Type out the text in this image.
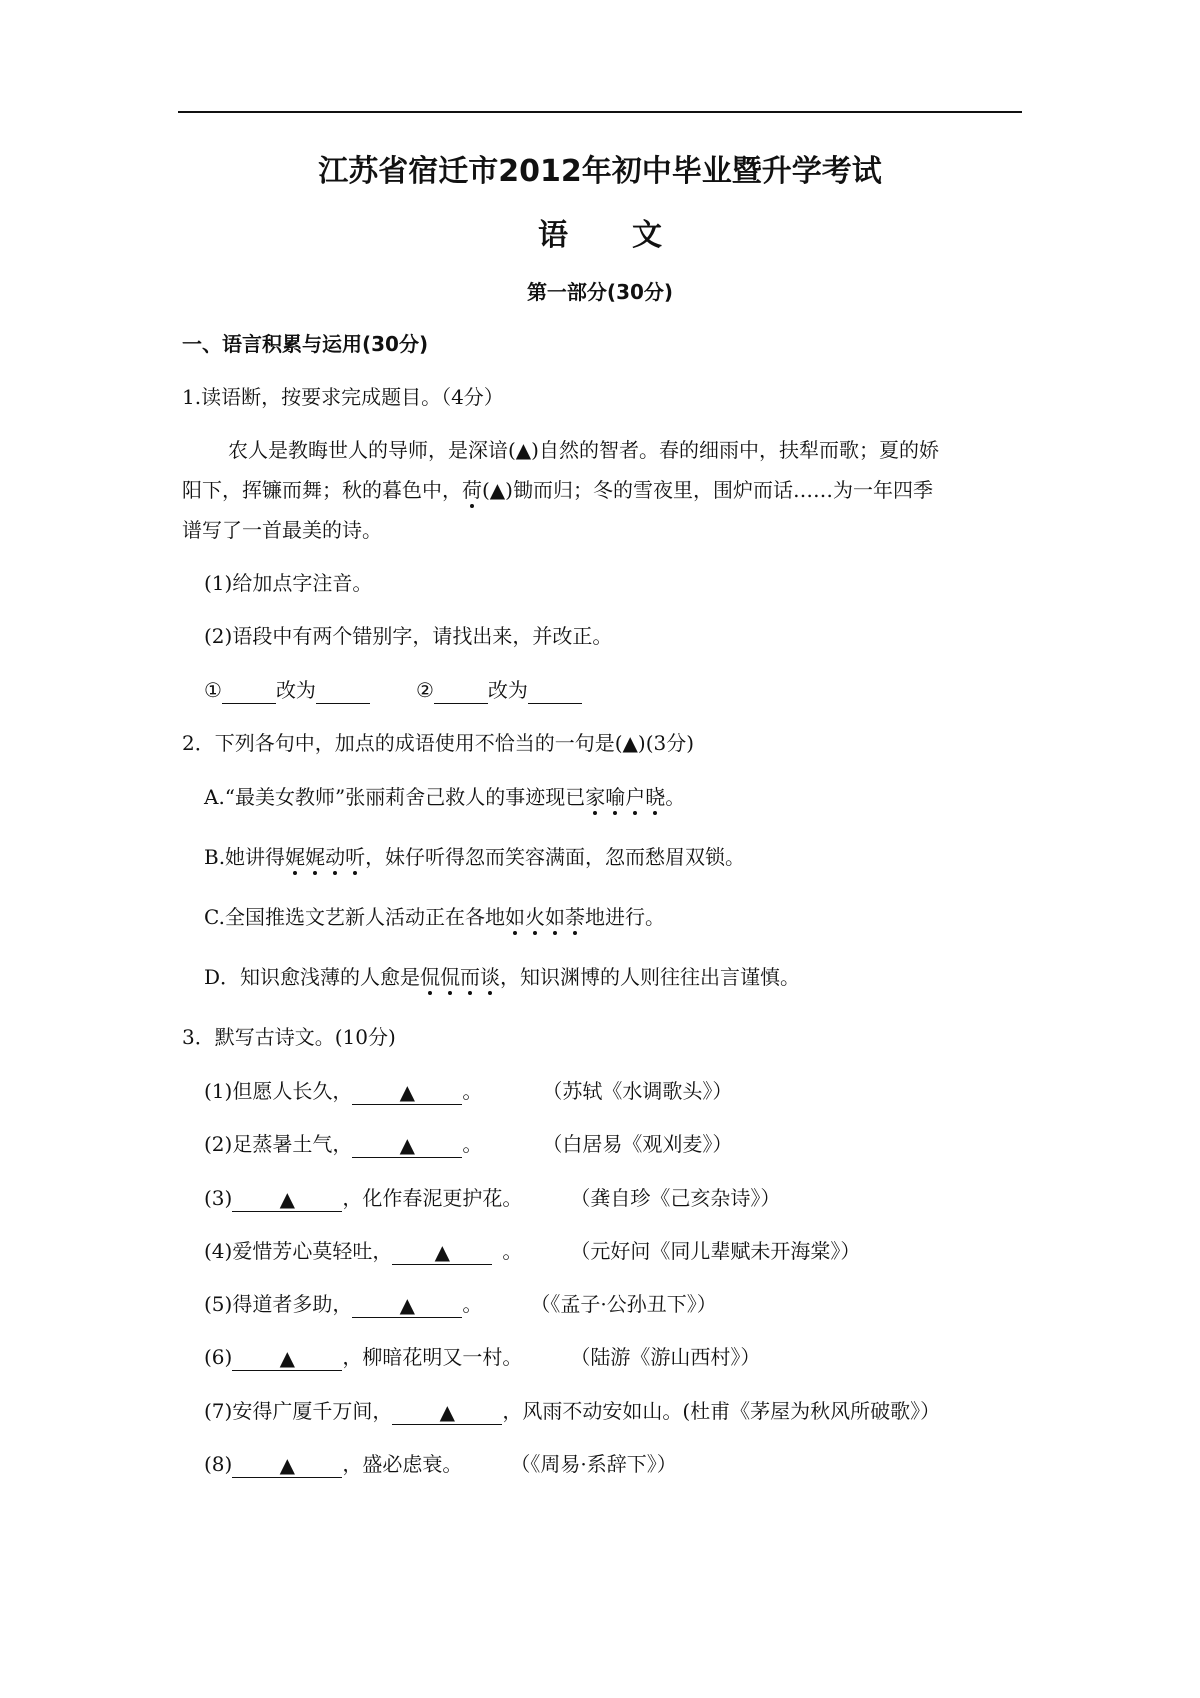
江苏省宿迁市2012年初中毕业暨升学考试
语文
第一部分(30分)
一、语言积累与运用(30分)
1.读语断，按要求完成题目。（4分）
农人是教晦世人的导师，是深谙(▲)自然的智者。春的细雨中，扶犁而歌；夏的娇
阳下，挥镰而舞；秋的暮色中，荷(▲)锄而归；冬的雪夜里，围炉而话……为一年四季
谱写了一首最美的诗。
(1)给加点字注音。
(2)语段中有两个错别字，请找出来，并改正。
①	改为	②	改为
2．下列各句中，加点的成语使用不恰当的一句是(▲)(3分)
A.“最美女教师”张丽莉舍己救人的事迹现已家喻户晓。
B.她讲得娓娓动听，妹仔听得忽而笑容满面，忽而愁眉双锁。
C.全国推选文艺新人活动正在各地如火如荼地进行。
D．知识愈浅薄的人愈是侃侃而谈，知识渊博的人则往往出言谨慎。
3．默写古诗文。(10分)
(1)但愿人长久， ▲ 。	（苏轼《水调歌头》）
(2)足蒸暑土气， ▲ 。	（白居易《观刈麦》）
(3) ▲ ，化作春泥更护花。 （龚自珍《己亥杂诗》）
(4)爱惜芳心莫轻吐， ▲	。 （元好问《同儿辈赋未开海棠》）
(5)得道者多助， ▲ 。 （《孟子·公孙丑下》）
(6) ▲ ，柳暗花明又一村。 （陆游《游山西村》）
(7)安得广厦千万间， ▲ ，风雨不动安如山。(杜甫《茅屋为秋风所破歌》）
(8) ▲ ，盛必虑衰。 （《周易·系辞下》）
